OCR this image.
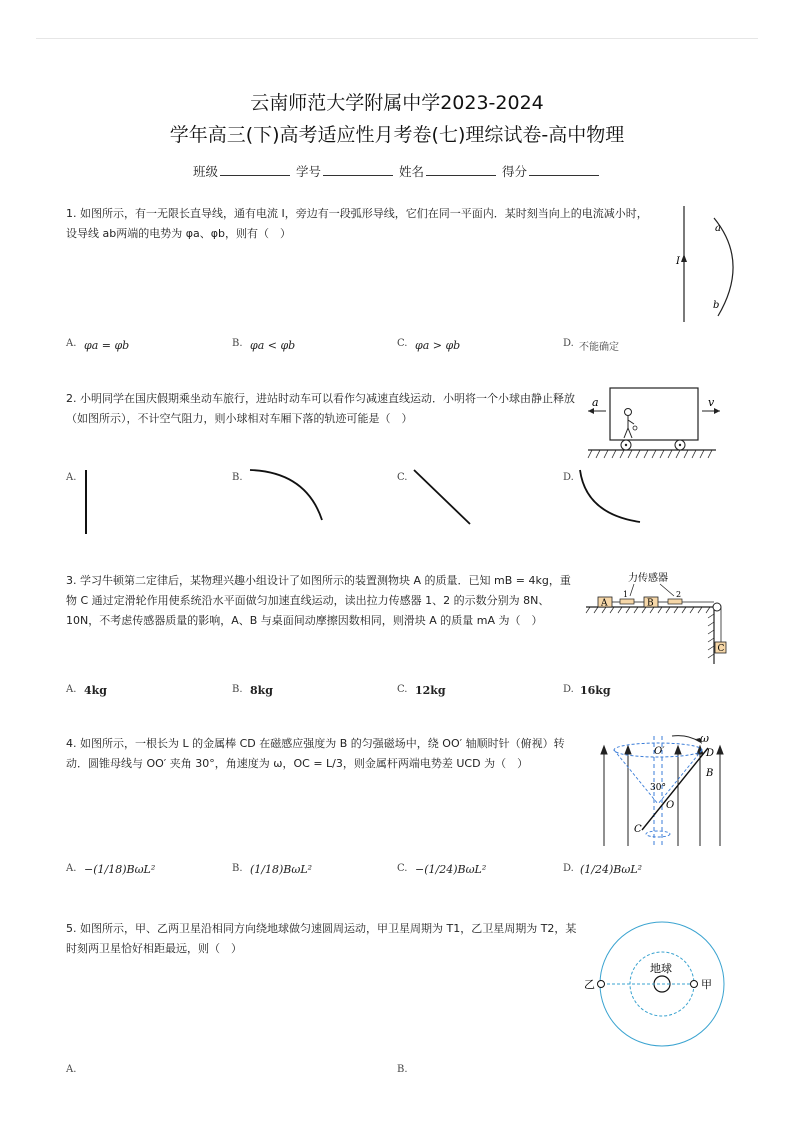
云南师范大学附属中学2023-2024
学年高三(下)高考适应性月考卷(七)理综试卷-高中物理
班级	学号	姓名	得分
1. 如图所示，有一无限长直导线，通有电流 I，旁边有一段弧形导线，它们在同一平面内．某时刻当向上的电流减小时，设导线 ab两端的电势为 φa、φb，则有（　）
I
a
b
A. φa = φb	B. φa < φb	C. φa > φb	D. 不能确定
2. 小明同学在国庆假期乘坐动车旅行，进站时动车可以看作匀减速直线运动．小明将一个小球由静止释放（如图所示），不计空气阻力，则小球相对车厢下落的轨迹可能是（　）
a	v
A.	B.	C.	D.
3. 学习牛顿第二定律后，某物理兴趣小组设计了如图所示的装置测物块 A 的质量．已知 mB = 4kg，重物 C 通过定滑轮作用使系统沿水平面做匀加速直线运动，读出拉力传感器 1、2 的示数分别为 8N、10N，不考虑传感器质量的影响，A、B 与桌面间动摩擦因数相同，则滑块 A 的质量 mA 为（　）
力传感器
A
1
B
2
C
A. 4kg	B. 8kg	C. 12kg	D. 16kg
4. 如图所示，一根长为 L 的金属棒 CD 在磁感应强度为 B 的匀强磁场中，绕 OO′ 轴顺时针（俯视）转动．圆锥母线与 OO′ 夹角 30°，角速度为 ω，OC = L/3，则金属杆两端电势差 UCD 为（　）
ω
O′	D
B
30°
O
C
A. −(1/18)BωL²	B. (1/18)BωL²	C. −(1/24)BωL²	D. (1/24)BωL²
5. 如图所示，甲、乙两卫星沿相同方向绕地球做匀速圆周运动，甲卫星周期为 T1，乙卫星周期为 T2，某时刻两卫星恰好相距最远，则（　）
地球
甲
乙
A.	B.
